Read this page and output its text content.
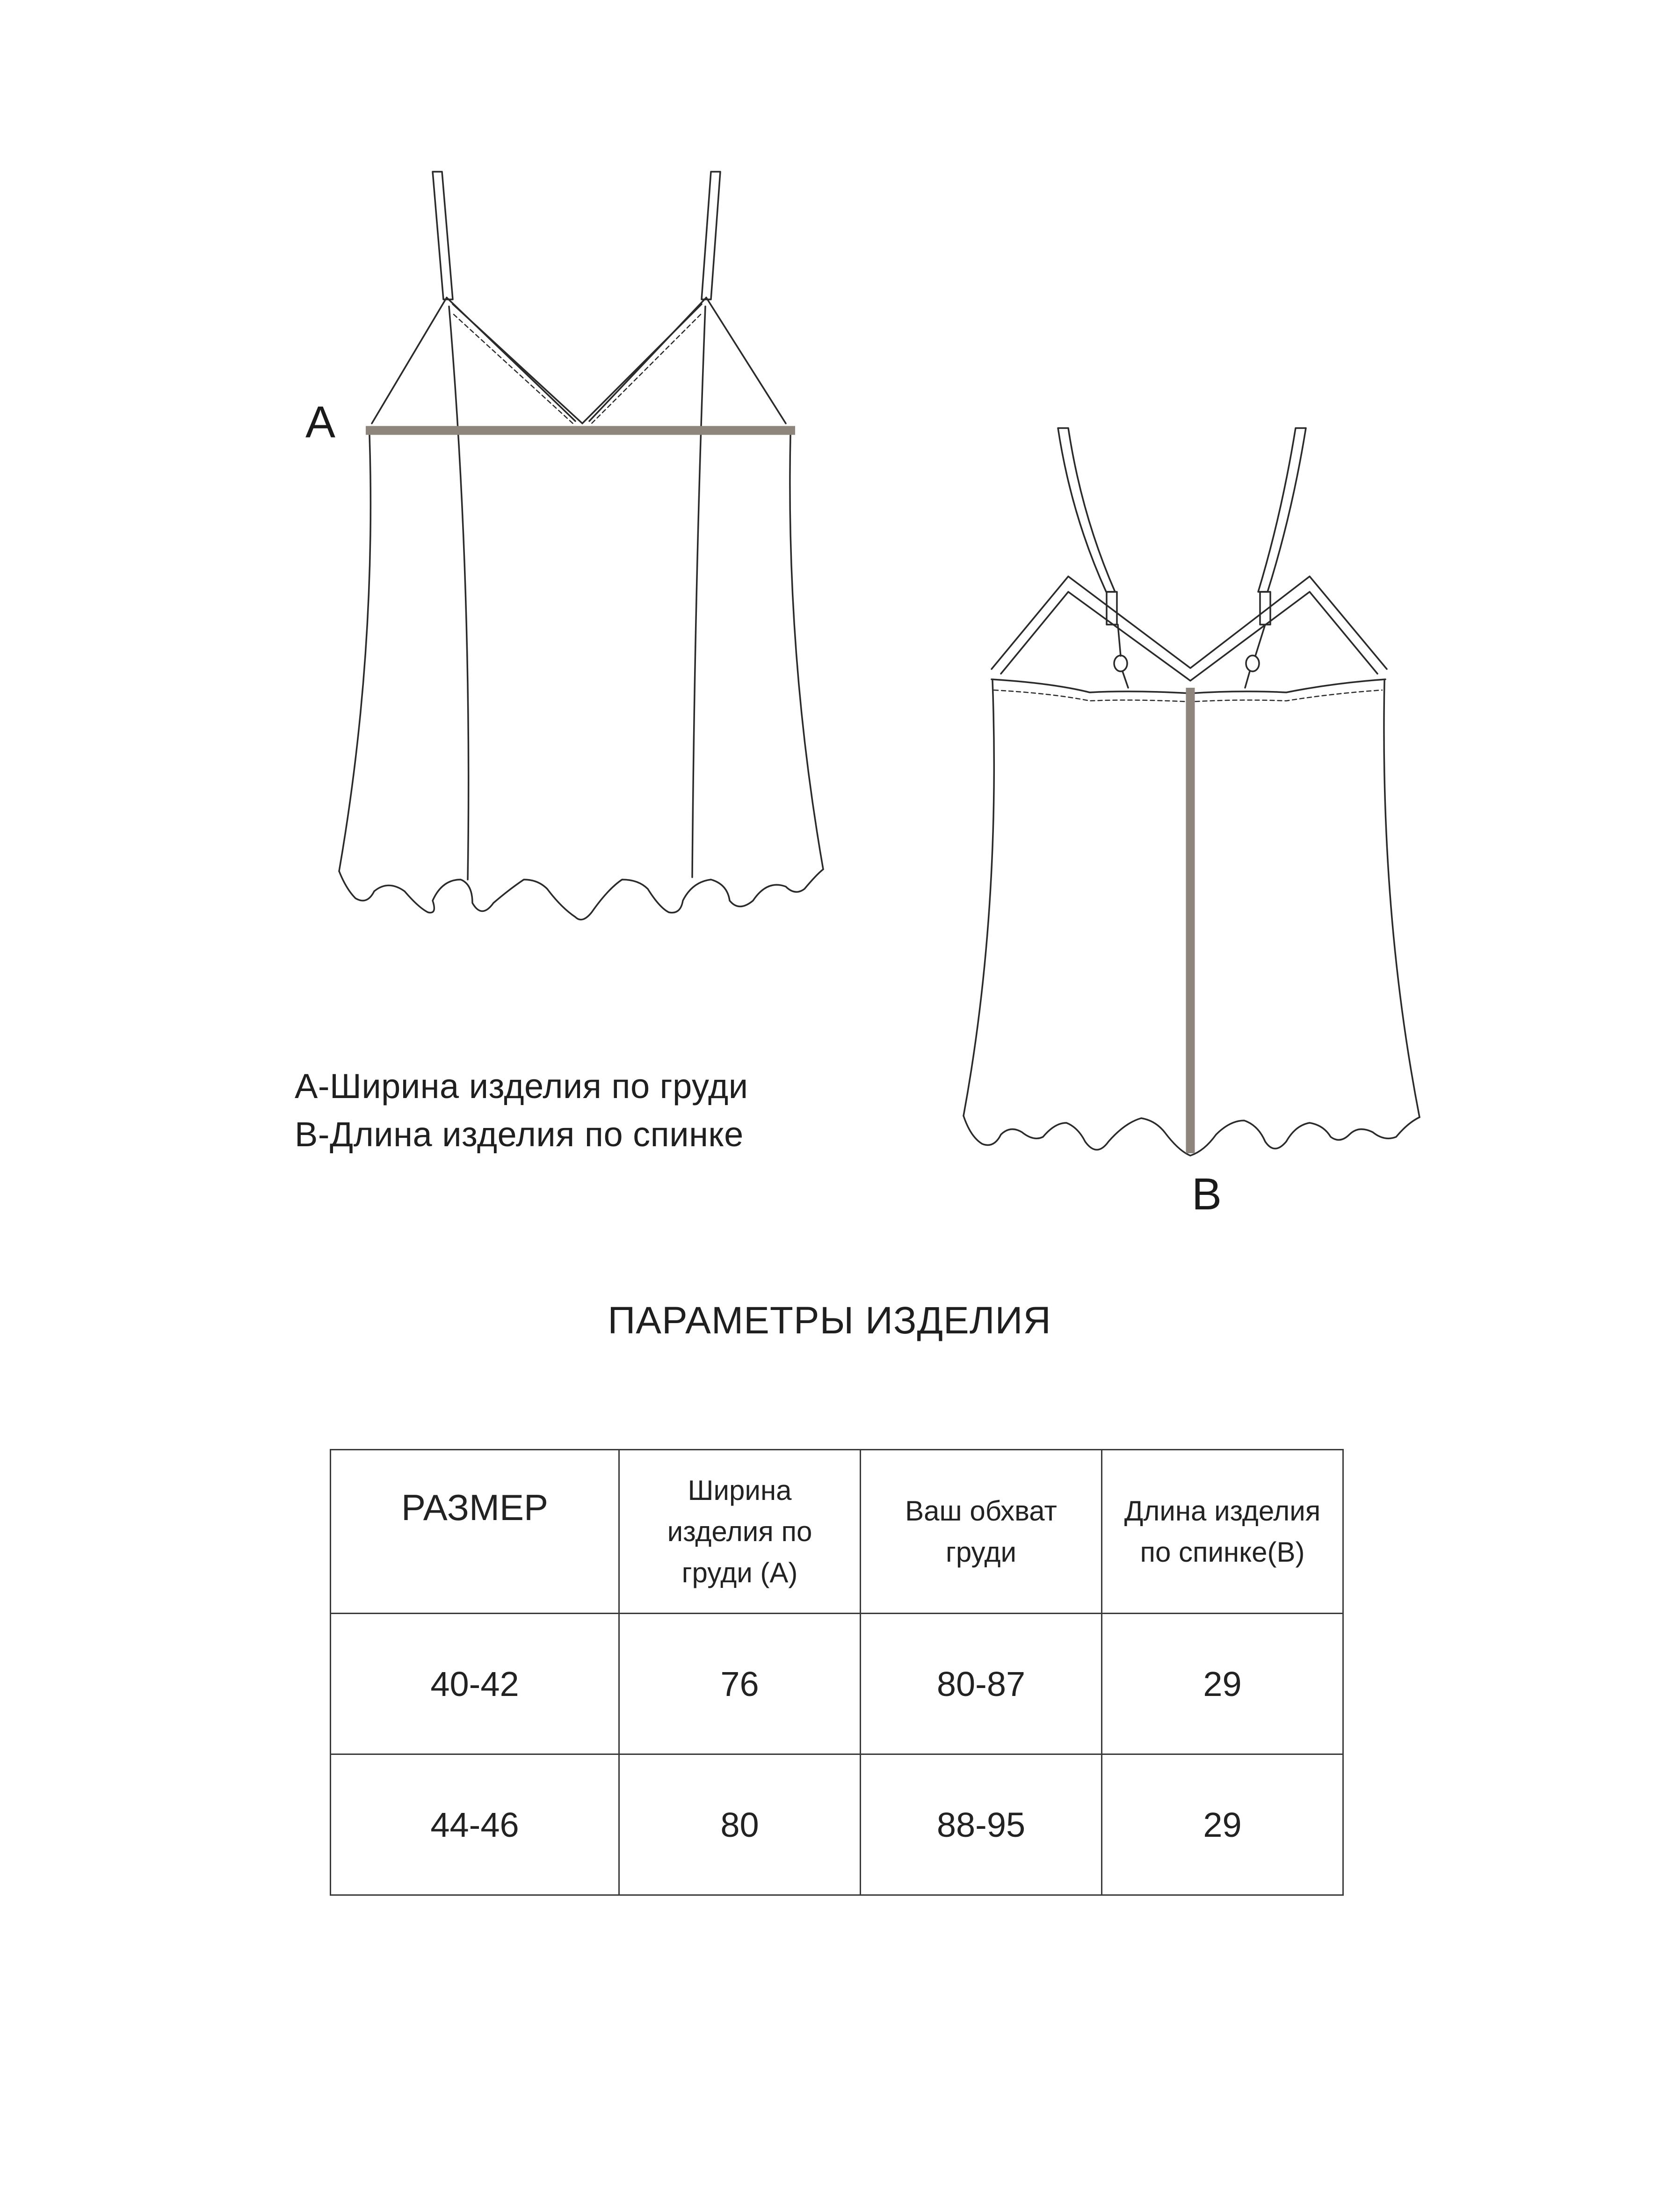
A
B
А-Ширина изделия по груди
В-Длина изделия по спинке
ПАРАМЕТРЫ ИЗДЕЛИЯ
РАЗМЕР	Ширина изделия по груди (А)	Ваш обхват груди	Длина изделия по спинке(В)
40-42	76	80-87	29
44-46	80	88-95	29
